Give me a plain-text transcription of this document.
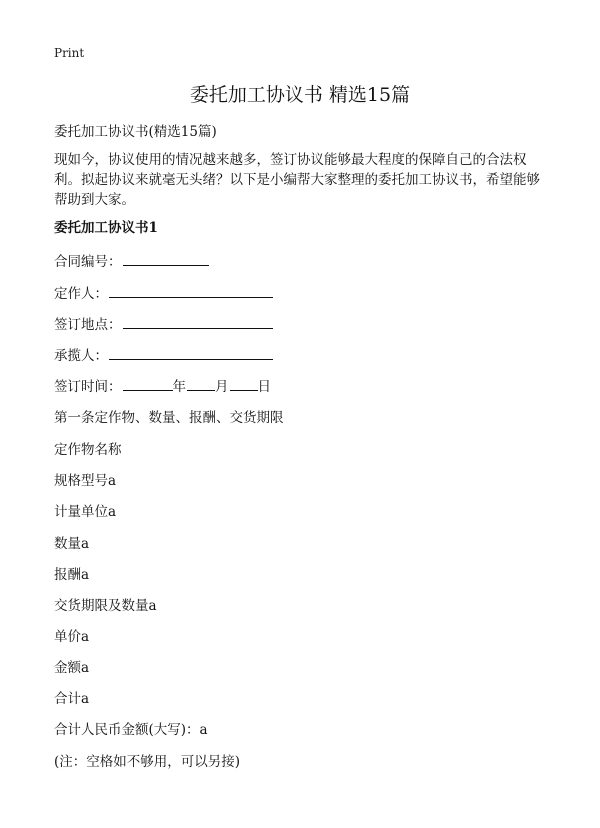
Print
委托加工协议书 精选15篇
委托加工协议书(精选15篇)
现如今，协议使用的情况越来越多，签订协议能够最大程度的保障自己的合法权利。拟起协议来就毫无头绪？以下是小编帮大家整理的委托加工协议书，希望能够帮助到大家。
委托加工协议书1
合同编号：
定作人：
签订地点：
承揽人：
签订时间：	年 月 日
第一条定作物、数量、报酬、交货期限
定作物名称
规格型号a
计量单位a
数量a
报酬a
交货期限及数量a
单价a
金额a
合计a
合计人民币金额(大写)：a
(注：空格如不够用，可以另接)
